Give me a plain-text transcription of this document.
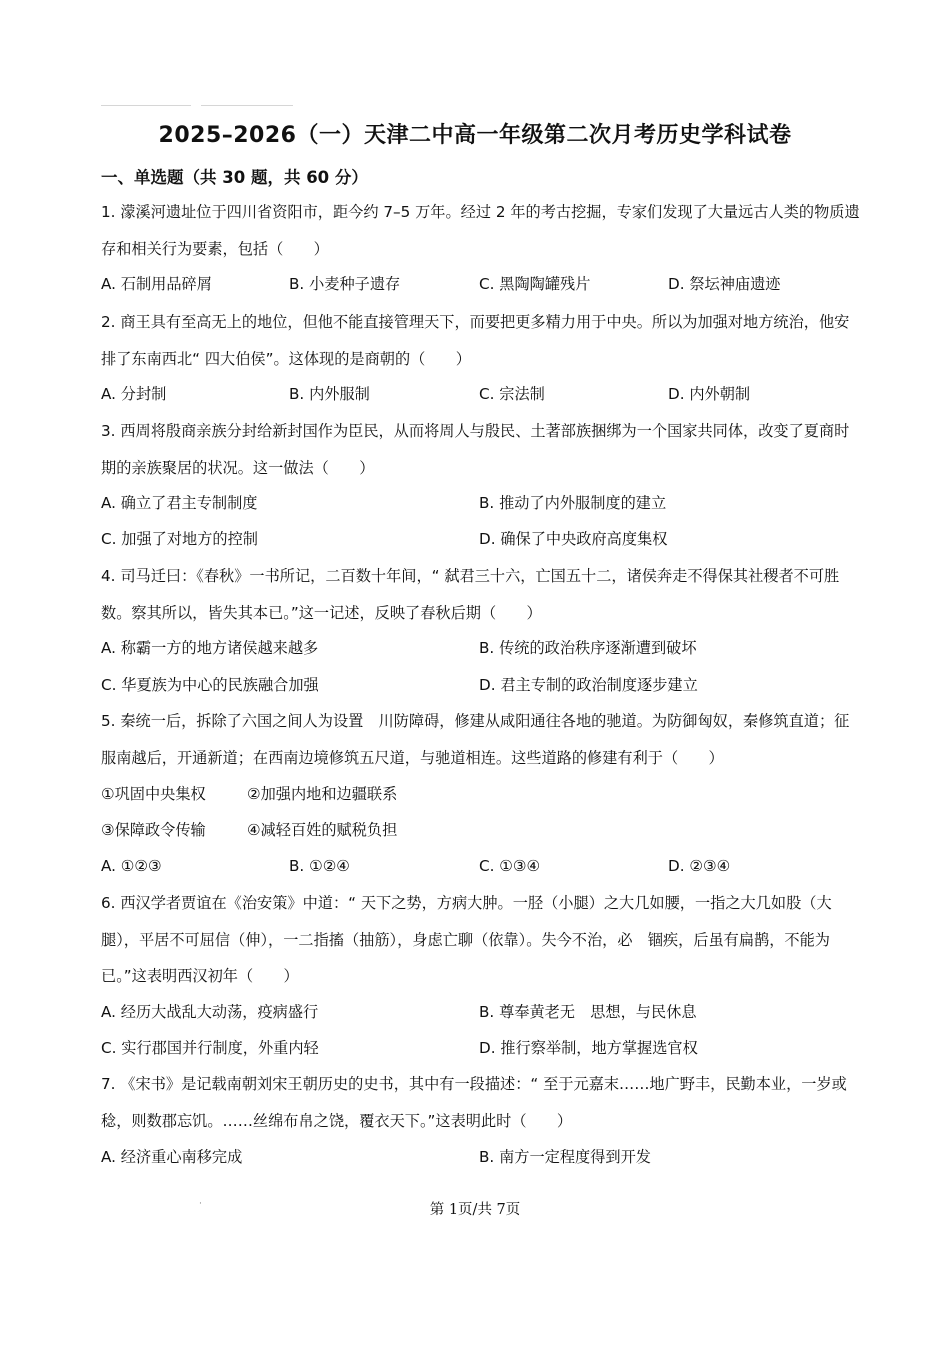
2025–2026（一）天津二中高一年级第二次月考历史学科试卷
一、单选题（共 30 题，共 60 分）
1. 濛溪河遗址位于四川省资阳市，距今约 7–5 万年。经过 2 年的考古挖掘，专家们发现了大量远古人类的物质遗存和相关行为要素，包括（　　）
A. 石制用品碎屑	B. 小麦种子遗存	C. 黑陶陶罐残片	D. 祭坛神庙遗迹
2. 商王具有至高无上的地位，但他不能直接管理天下，而要把更多精力用于中央。所以为加强对地方统治，他安排了东南西北“ 四大伯侯”。这体现的是商朝的（　　）
A. 分封制	B. 内外服制	C. 宗法制	D. 内外朝制
3. 西周将殷商亲族分封给新封国作为臣民，从而将周人与殷民、土著部族捆绑为一个国家共同体，改变了夏商时期的亲族聚居的状况。这一做法（　　）
A. 确立了君主专制制度	B. 推动了内外服制度的建立
C. 加强了对地方的控制	D. 确保了中央政府高度集权
4. 司马迁曰：《春秋》一书所记，二百数十年间，“ 弑君三十六，亡国五十二，诸侯奔走不得保其社稷者不可胜数。察其所以，皆失其本已。”这一记述，反映了春秋后期（　　）
A. 称霸一方的地方诸侯越来越多	B. 传统的政治秩序逐渐遭到破坏
C. 华夏族为中心的民族融合加强	D. 君主专制的政治制度逐步建立
5. 秦统一后，拆除了六国之间人为设置　川防障碍，修建从咸阳通往各地的驰道。为防御匈奴，秦修筑直道；征服南越后，开通新道；在西南边境修筑五尺道，与驰道相连。这些道路的修建有利于（　　）
①巩固中央集权	②加强内地和边疆联系
③保障政令传输	④减轻百姓的赋税负担
A. ①②③	B. ①②④	C. ①③④	D. ②③④
6. 西汉学者贾谊在《治安策》中道：“ 天下之势，方病大肿。一胫（小腿）之大几如腰，一指之大几如股（大腿），平居不可屈信（伸），一二指搐（抽筋），身虑亡聊（依靠）。失今不治，必　锢疾，后虽有扁鹊，不能为已。”这表明西汉初年（　　）
A. 经历大战乱大动荡，疫病盛行	B. 尊奉黄老无　思想，与民休息
C. 实行郡国并行制度，外重内轻	D. 推行察举制，地方掌握选官权
7. 《宋书》是记载南朝刘宋王朝历史的史书，其中有一段描述：“ 至于元嘉末……地广野丰，民勤本业，一岁或稔，则数郡忘饥。……丝绵布帛之饶，覆衣天下。”这表明此时（　　）
A. 经济重心南移完成	B. 南方一定程度得到开发
·	第 1页/共 7页
